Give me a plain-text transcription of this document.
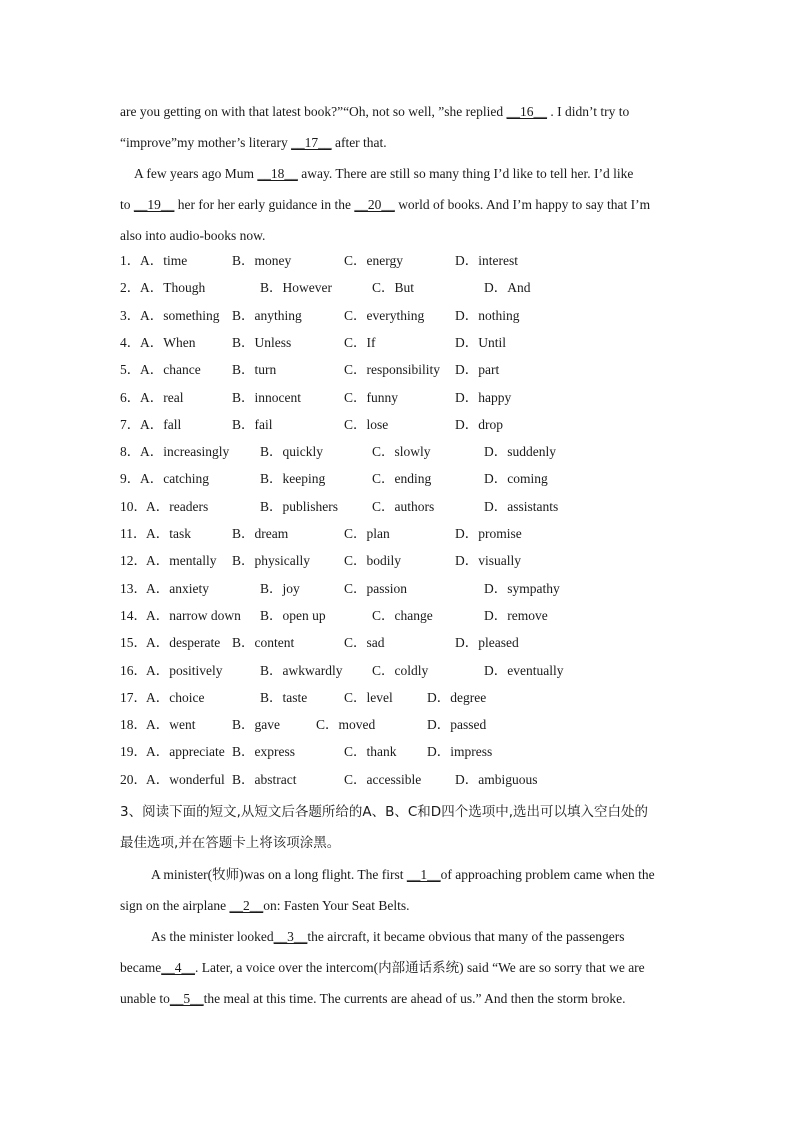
are you getting on with that latest book?”“Oh, not so well, ”she replied __16__ . I didn’t try to
“improve”my mother’s literary __17__ after that.
A few years ago Mum __18__ away. There are still so many thing I’d like to tell her. I’d like
to __19__ her for her early guidance in the __20__ world of books. And I’m happy to say that I’m
also into audio-books now.
1． A．time	B．money	C．energy	D．interest
2． A．Though	B．However	C．But	D．And
3． A．something B．anything	C．everything D．nothing
4． A．When	B．Unless	C．If	D．Until
5． A．chance B．turn	C．responsibility D．part
6． A．real	B．innocent	C．funny	D．happy
7． A．fall	B．fail	C．lose	D．drop
8． A．increasingly B．quickly	C．slowly	D．suddenly
9． A．catching	B．keeping	C．ending	D．coming
10． A．readers	B．publishers	C．authors	D．assistants
11． A．task	B．dream	C．plan	D．promise
12． A．mentally B．physically	C．bodily	D．visually
13． A．anxiety	B．joy	C．passion	D．sympathy
14． A．narrow down B．open up	C．change	D．remove
15． A．desperate B．content	C．sad	D．pleased
16． A．positively	B．awkwardly C．coldly	D．eventually
17． A．choice	B．taste	C．level	D．degree
18． A．went	B．gave	C．moved	D．passed
19． A．appreciate B．express	C．thank D．impress
20． A．wonderful B．abstract	C．accessible	D．ambiguous
3、阅读下面的短文,从短文后各题所给的A、B、C和D四个选项中,选出可以填入空白处的
最佳选项,并在答题卡上将该项涂黑。
A minister(牧师)was on a long flight. The first __1__of approaching problem came when the
sign on the airplane __2__on: Fasten Your Seat Belts.
As the minister looked__3__the aircraft, it became obvious that many of the passengers
became__4__. Later, a voice over the intercom(内部通话系统) said “We are so sorry that we are
unable to__5__the meal at this time. The currents are ahead of us.” And then the storm broke.
